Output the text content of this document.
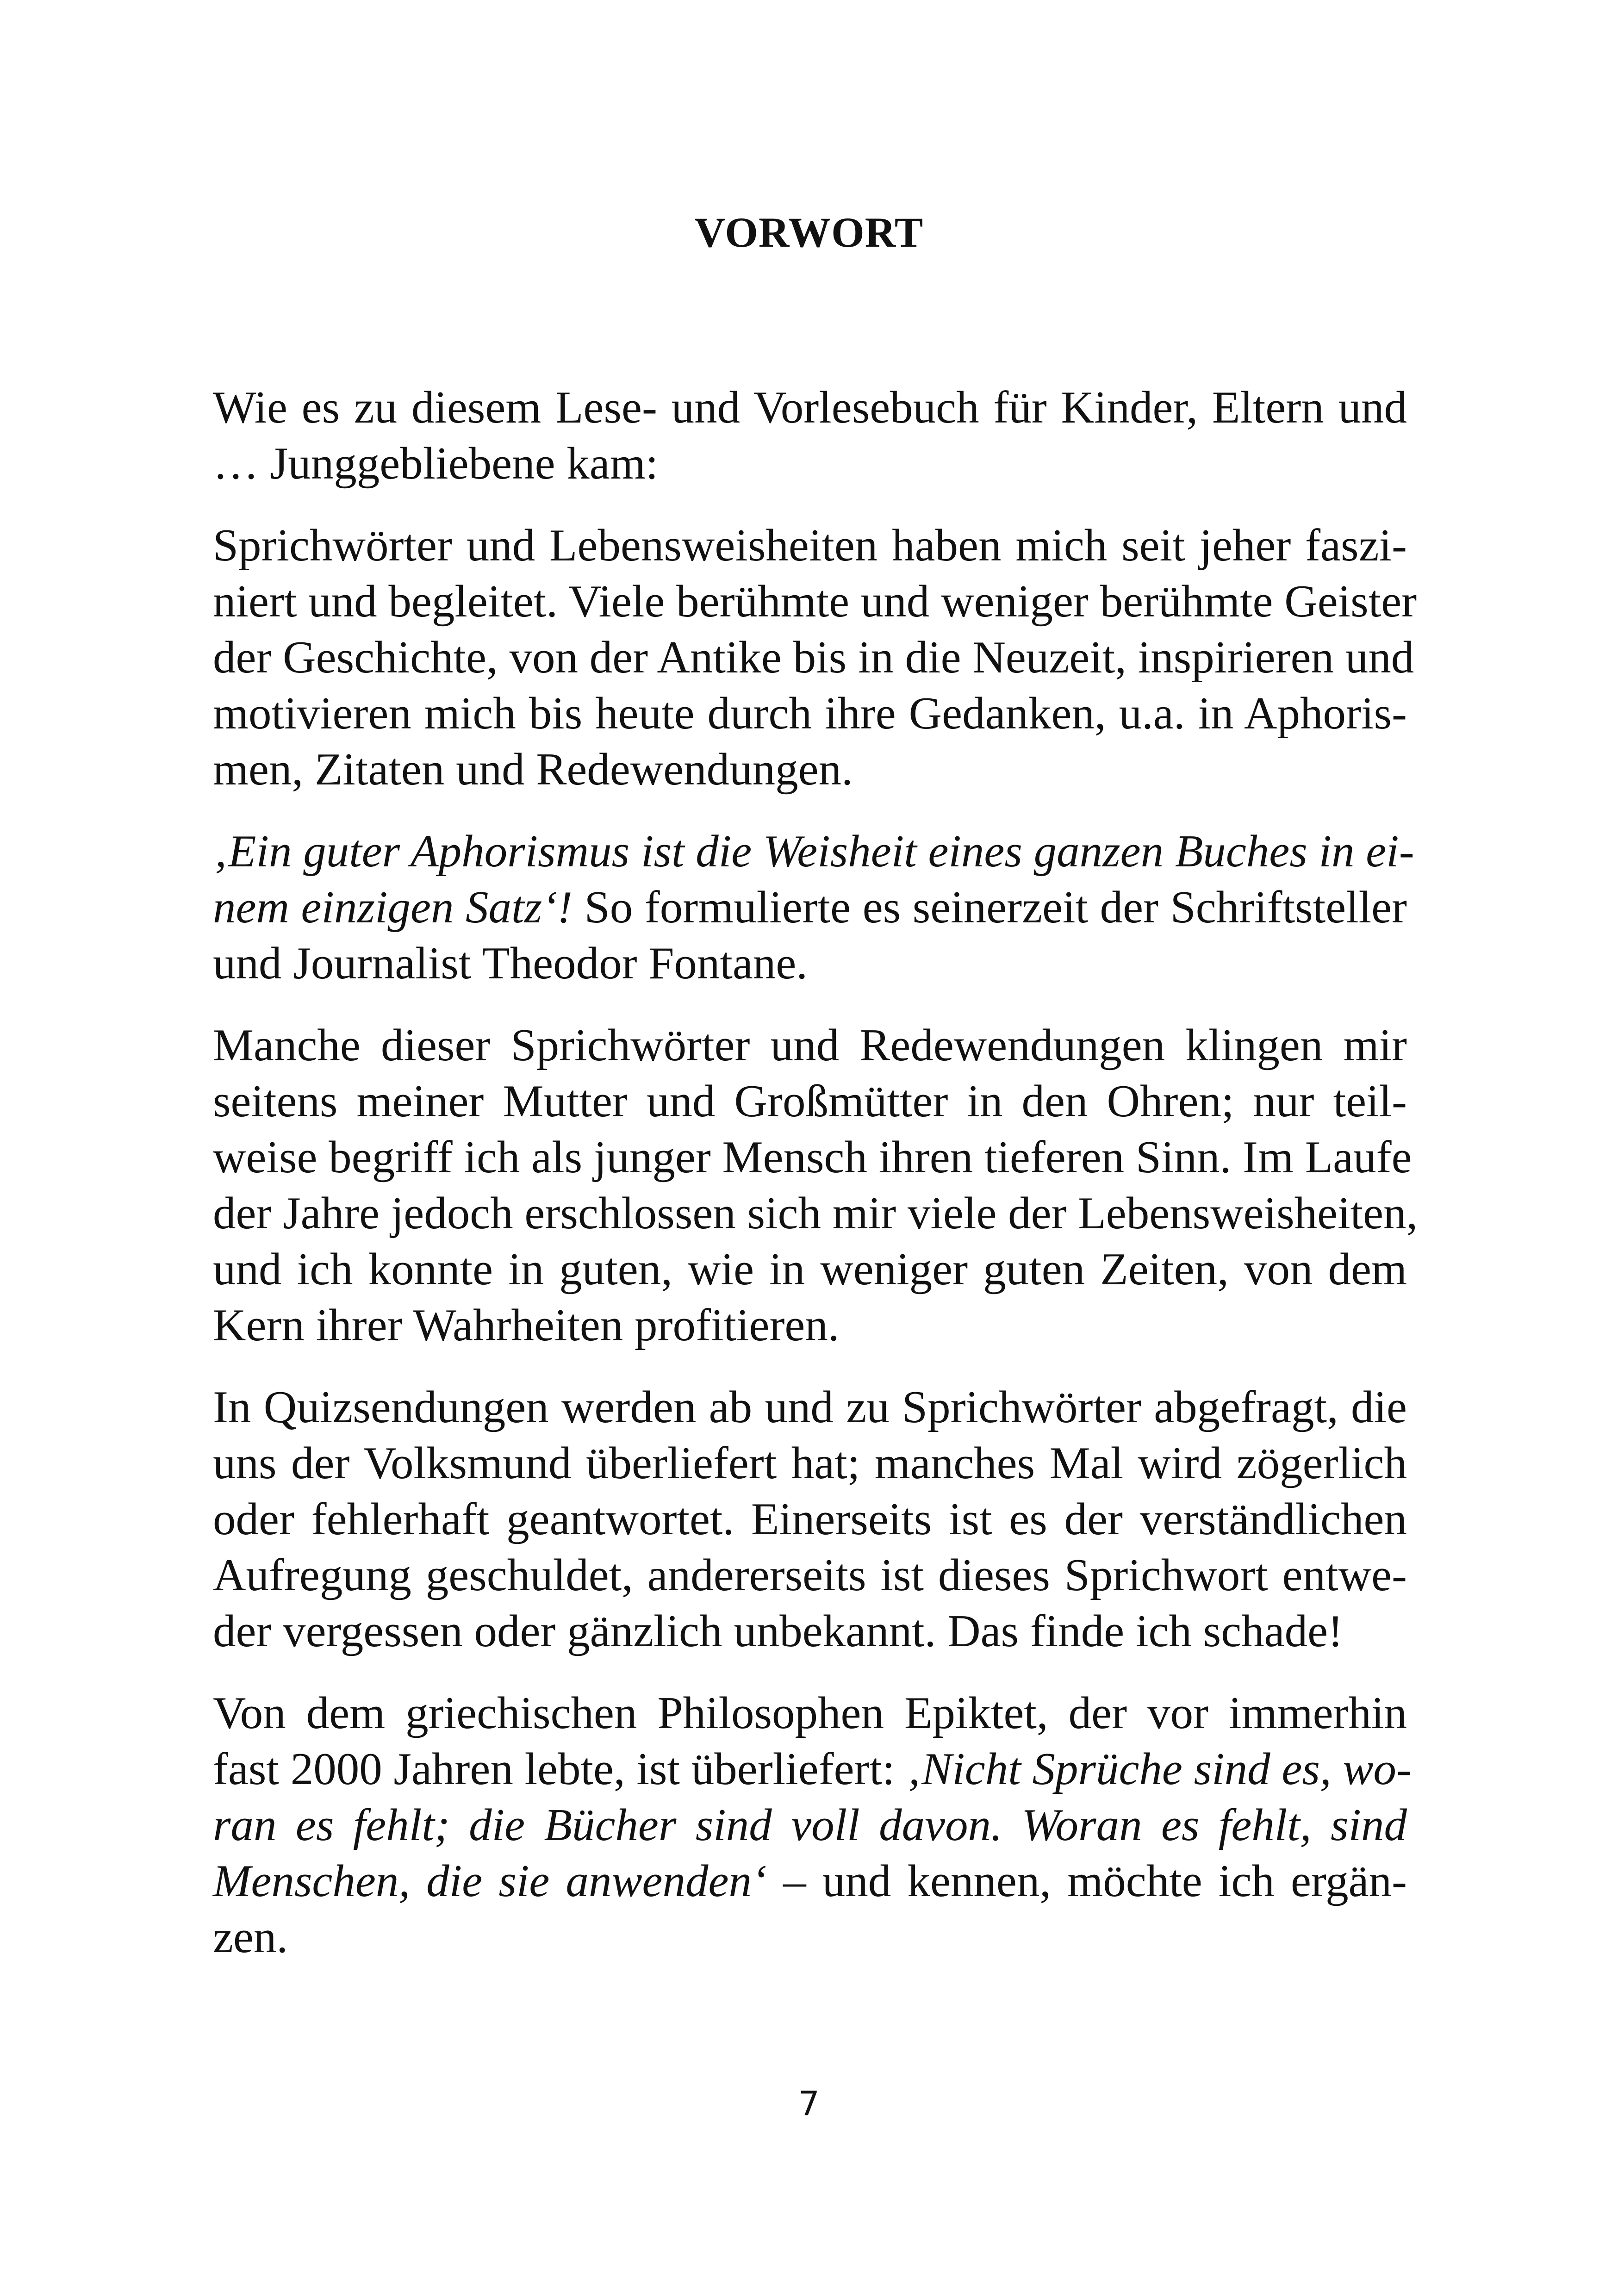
VORWORT

Wie es zu diesem Lese- und Vorlesebuch für Kinder, Eltern und
… Junggebliebene kam:

Sprichwörter und Lebensweisheiten haben mich seit jeher faszi-
niert und begleitet. Viele berühmte und weniger berühmte Geister
der Geschichte, von der Antike bis in die Neuzeit, inspirieren und
motivieren mich bis heute durch ihre Gedanken, u.a. in Aphoris-
men, Zitaten und Redewendungen.

‚Ein guter Aphorismus ist die Weisheit eines ganzen Buches in ei-
nem einzigen Satz‘! So formulierte es seinerzeit der Schriftsteller
und Journalist Theodor Fontane.

Manche dieser Sprichwörter und Redewendungen klingen mir
seitens meiner Mutter und Großmütter in den Ohren; nur teil-
weise begriff ich als junger Mensch ihren tieferen Sinn. Im Laufe
der Jahre jedoch erschlossen sich mir viele der Lebensweisheiten,
und ich konnte in guten, wie in weniger guten Zeiten, von dem
Kern ihrer Wahrheiten profitieren.

In Quizsendungen werden ab und zu Sprichwörter abgefragt, die
uns der Volksmund überliefert hat; manches Mal wird zögerlich
oder fehlerhaft geantwortet. Einerseits ist es der verständlichen
Aufregung geschuldet, andererseits ist dieses Sprichwort entwe-
der vergessen oder gänzlich unbekannt. Das finde ich schade!

Von dem griechischen Philosophen Epiktet, der vor immerhin
fast 2000 Jahren lebte, ist überliefert: ‚Nicht Sprüche sind es, wo-
ran es fehlt; die Bücher sind voll davon. Woran es fehlt, sind
Menschen, die sie anwenden‘ – und kennen, möchte ich ergän-
zen.

7
